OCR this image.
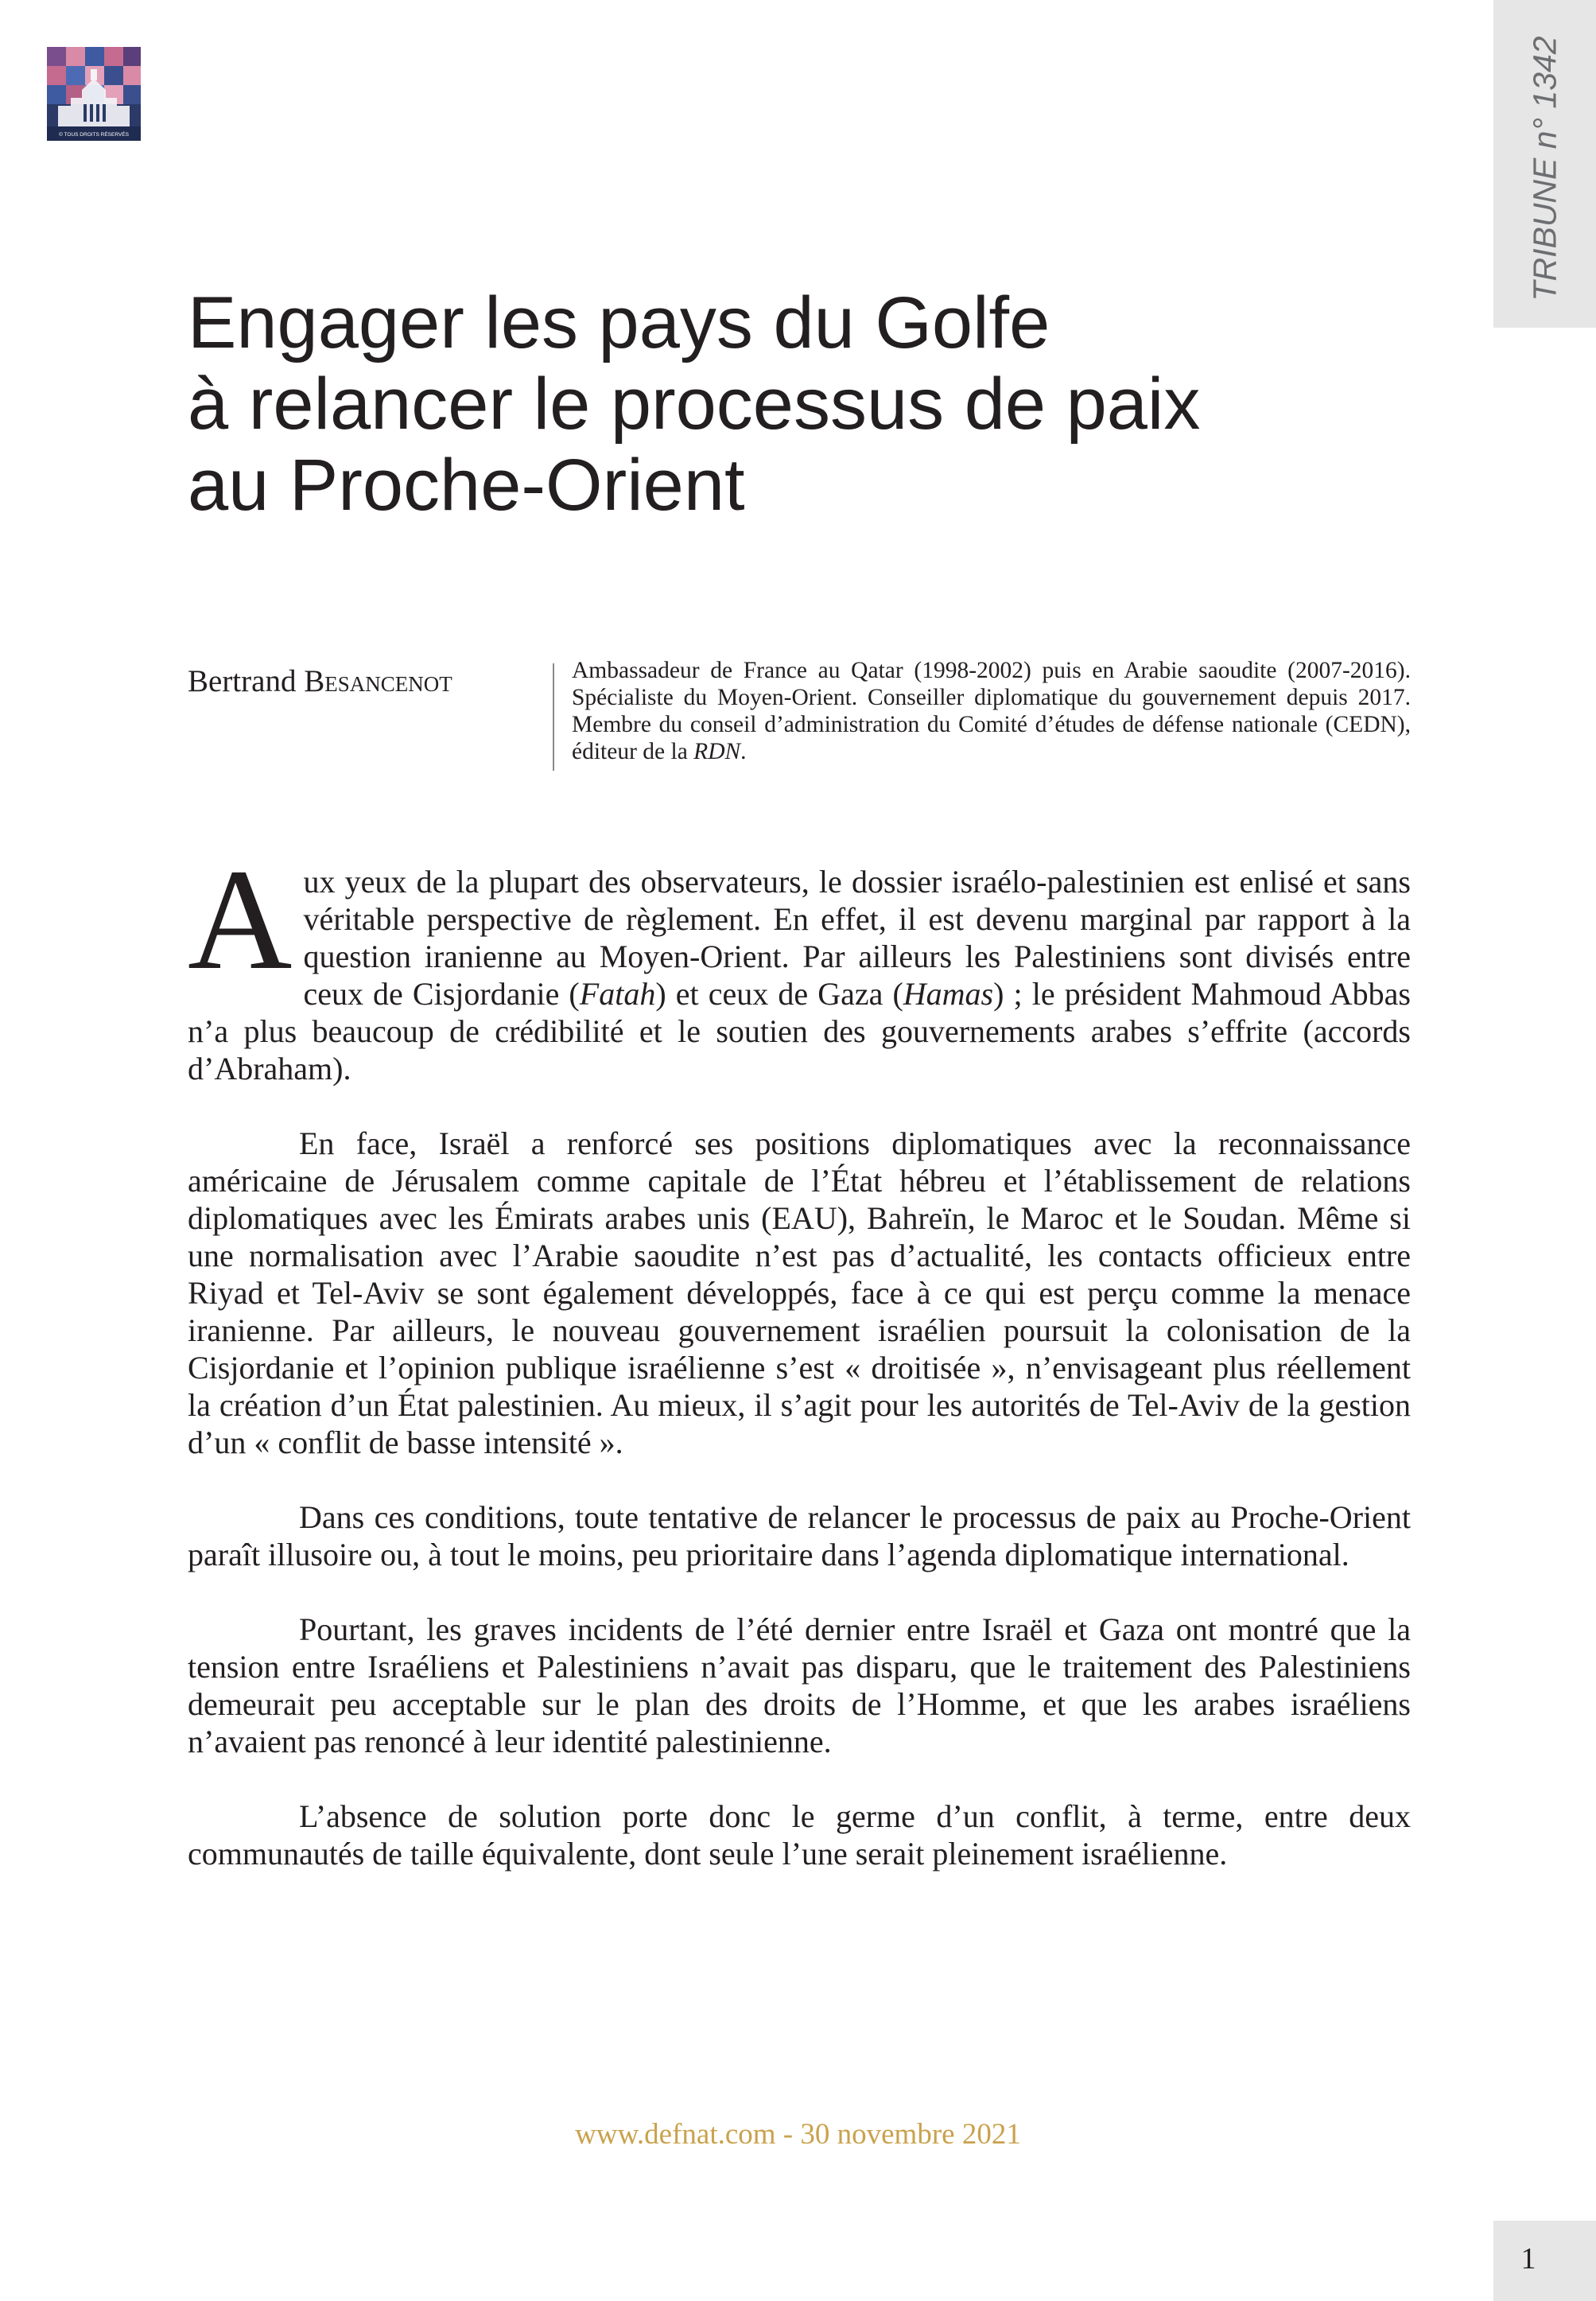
© TOUS DROITS RÉSERVÉS	TRIBUNE n° 1342
Engager les pays du Golfe
à relancer le processus de paix
au Proche-Orient
Bertrand Besancenot	Ambassadeur de France au Qatar (1998-2002) puis en Arabie saoudite (2007-2016). Spécialiste du Moyen-Orient. Conseiller diplomatique du gouvernement depuis 2017. Membre du conseil d’administration du Comité d’études de défense nationale (CEDN), éditeur de la RDN.

Aux yeux de la plupart des observateurs, le dossier israélo-palestinien est enlisé et sans véritable perspective de règlement. En effet, il est devenu marginal par rapport à la question iranienne au Moyen-Orient. Par ailleurs les Palestiniens sont divisés entre ceux de Cisjordanie (Fatah) et ceux de Gaza (Hamas) ; le président Mahmoud Abbas n’a plus beaucoup de crédibilité et le soutien des gouvernements arabes s’effrite (accords d’Abraham).

En face, Israël a renforcé ses positions diplomatiques avec la reconnaissance américaine de Jérusalem comme capitale de l’État hébreu et l’établissement de relations diplomatiques avec les Émirats arabes unis (EAU), Bahreïn, le Maroc et le Soudan. Même si une normalisation avec l’Arabie saoudite n’est pas d’actualité, les contacts officieux entre Riyad et Tel-Aviv se sont également développés, face à ce qui est perçu comme la menace iranienne. Par ailleurs, le nouveau gouvernement israélien poursuit la colonisation de la Cisjordanie et l’opinion publique israélienne s’est « droitisée », n’envisageant plus réellement la création d’un État palestinien. Au mieux, il s’agit pour les autorités de Tel-Aviv de la gestion d’un « conflit de basse intensité ».

Dans ces conditions, toute tentative de relancer le processus de paix au Proche-Orient paraît illusoire ou, à tout le moins, peu prioritaire dans l’agenda diplomatique international.

Pourtant, les graves incidents de l’été dernier entre Israël et Gaza ont montré que la tension entre Israéliens et Palestiniens n’avait pas disparu, que le traitement des Palestiniens demeurait peu acceptable sur le plan des droits de l’Homme, et que les arabes israéliens n’avaient pas renoncé à leur identité palestinienne.

L’absence de solution porte donc le germe d’un conflit, à terme, entre deux communautés de taille équivalente, dont seule l’une serait pleinement israélienne.

www.defnat.com - 30 novembre 2021
1
